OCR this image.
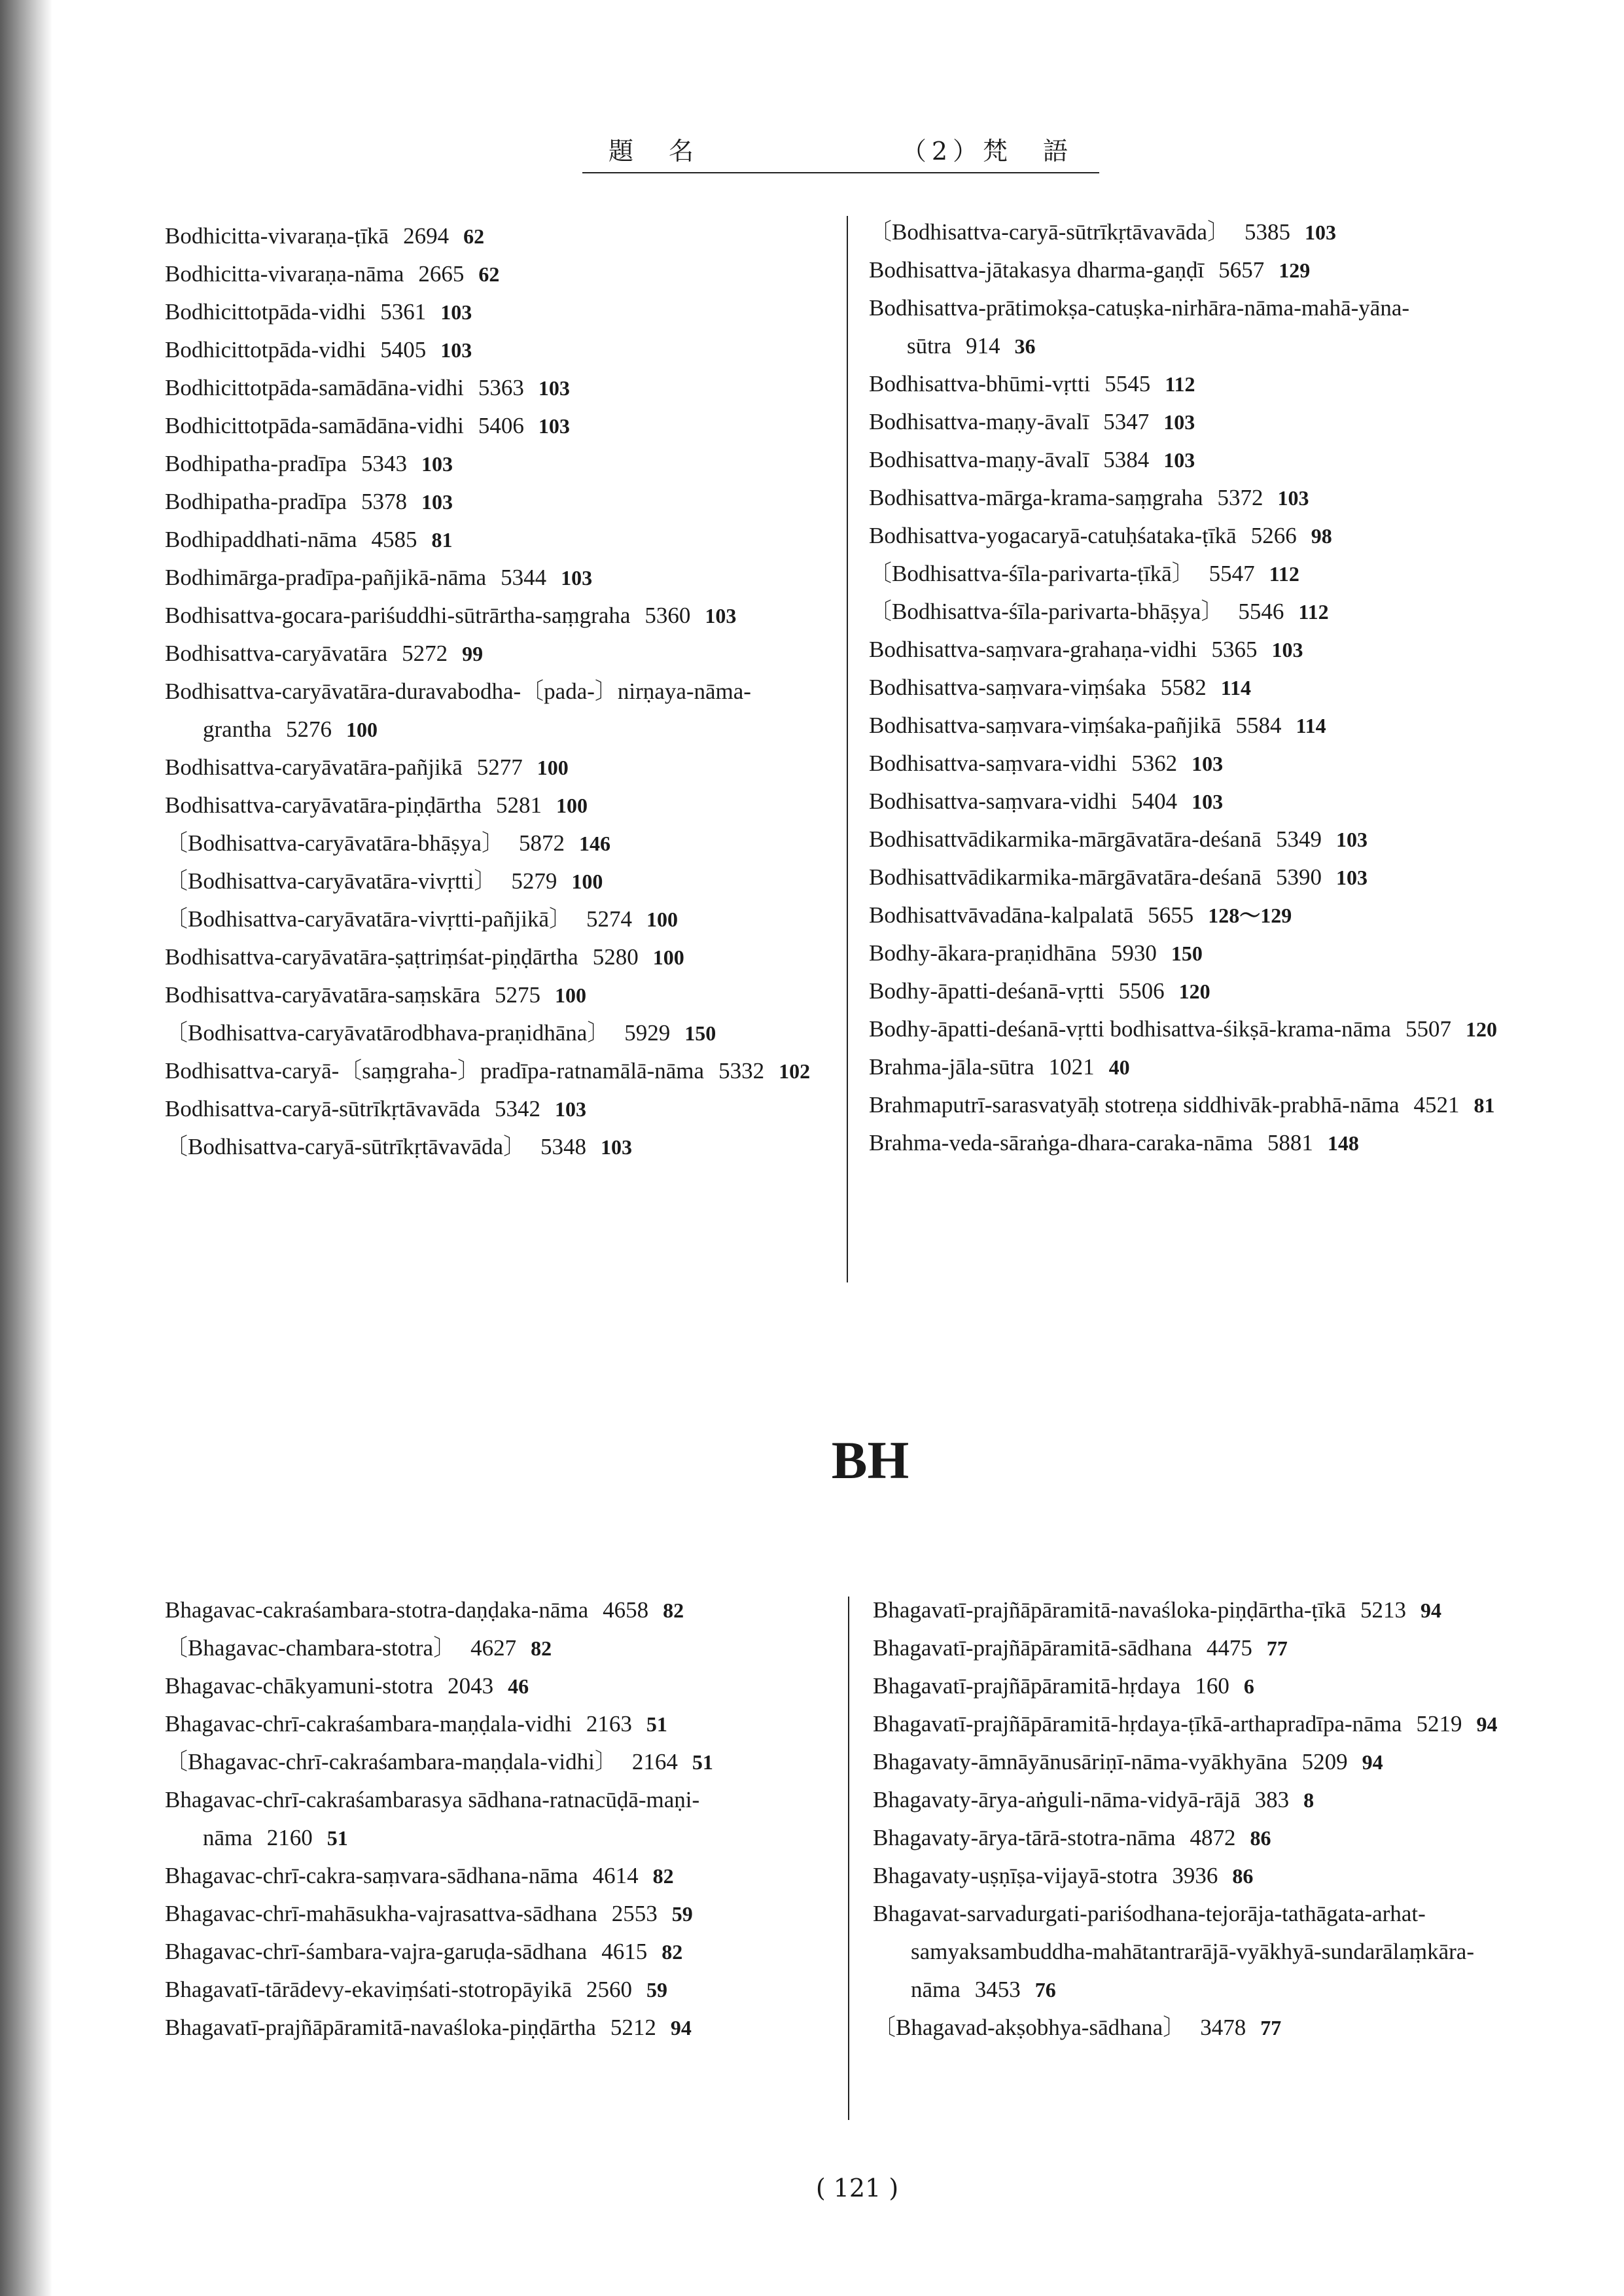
題　名	（2）梵　語
Bodhicitta-vivaraṇa-ṭīkā 2694 62
Bodhicitta-vivaraṇa-nāma 2665 62
Bodhicittotpāda-vidhi 5361 103
Bodhicittotpāda-vidhi 5405 103
Bodhicittotpāda-samādāna-vidhi 5363 103
Bodhicittotpāda-samādāna-vidhi 5406 103
Bodhipatha-pradīpa 5343 103
Bodhipatha-pradīpa 5378 103
Bodhipaddhati-nāma 4585 81
Bodhimārga-pradīpa-pañjikā-nāma 5344 103
Bodhisattva-gocara-pariśuddhi-sūtrārtha-saṃgraha 5360 103
Bodhisattva-caryāvatāra 5272 99
Bodhisattva-caryāvatāra-duravabodha-〔pada-〕nirṇaya-nāma-grantha 5276 100
Bodhisattva-caryāvatāra-pañjikā 5277 100
Bodhisattva-caryāvatāra-piṇḍārtha 5281 100
〔Bodhisattva-caryāvatāra-bhāṣya〕 5872 146
〔Bodhisattva-caryāvatāra-vivṛtti〕 5279 100
〔Bodhisattva-caryāvatāra-vivṛtti-pañjikā〕 5274 100
Bodhisattva-caryāvatāra-ṣaṭtriṃśat-piṇḍārtha 5280 100
Bodhisattva-caryāvatāra-saṃskāra 5275 100
〔Bodhisattva-caryāvatārodbhava-praṇidhāna〕 5929 150
Bodhisattva-caryā-〔saṃgraha-〕pradīpa-ratnamālā-nāma 5332 102
Bodhisattva-caryā-sūtrīkṛtāvavāda 5342 103
〔Bodhisattva-caryā-sūtrīkṛtāvavāda〕 5348 103
〔Bodhisattva-caryā-sūtrīkṛtāvavāda〕 5385 103
Bodhisattva-jātakasya dharma-gaṇḍī 5657 129
Bodhisattva-prātimokṣa-catuṣka-nirhāra-nāma-mahā-yāna-sūtra 914 36
Bodhisattva-bhūmi-vṛtti 5545 112
Bodhisattva-maṇy-āvalī 5347 103
Bodhisattva-maṇy-āvalī 5384 103
Bodhisattva-mārga-krama-saṃgraha 5372 103
Bodhisattva-yogacaryā-catuḥśataka-ṭīkā 5266 98
〔Bodhisattva-śīla-parivarta-ṭīkā〕 5547 112
〔Bodhisattva-śīla-parivarta-bhāṣya〕 5546 112
Bodhisattva-saṃvara-grahaṇa-vidhi 5365 103
Bodhisattva-saṃvara-viṃśaka 5582 114
Bodhisattva-saṃvara-viṃśaka-pañjikā 5584 114
Bodhisattva-saṃvara-vidhi 5362 103
Bodhisattva-saṃvara-vidhi 5404 103
Bodhisattvādikarmika-mārgāvatāra-deśanā 5349 103
Bodhisattvādikarmika-mārgāvatāra-deśanā 5390 103
Bodhisattvāvadāna-kalpalatā 5655 128～129
Bodhy-ākara-praṇidhāna 5930 150
Bodhy-āpatti-deśanā-vṛtti 5506 120
Bodhy-āpatti-deśanā-vṛtti bodhisattva-śikṣā-krama-nāma 5507 120
Brahma-jāla-sūtra 1021 40
Brahmaputrī-sarasvatyāḥ stotreṇa siddhivāk-prabhā-nāma 4521 81
Brahma-veda-sāraṅga-dhara-caraka-nāma 5881 148
BH
Bhagavac-cakraśambara-stotra-daṇḍaka-nāma 4658 82
〔Bhagavac-chambara-stotra〕 4627 82
Bhagavac-chākyamuni-stotra 2043 46
Bhagavac-chrī-cakraśambara-maṇḍala-vidhi 2163 51
〔Bhagavac-chrī-cakraśambara-maṇḍala-vidhi〕 2164 51
Bhagavac-chrī-cakraśambarasya sādhana-ratnacūḍā-maṇi-nāma 2160 51
Bhagavac-chrī-cakra-saṃvara-sādhana-nāma 4614 82
Bhagavac-chrī-mahāsukha-vajrasattva-sādhana 2553 59
Bhagavac-chrī-śambara-vajra-garuḍa-sādhana 4615 82
Bhagavatī-tārādevy-ekaviṃśati-stotropāyikā 2560 59
Bhagavatī-prajñāpāramitā-navaśloka-piṇḍārtha 5212 94
Bhagavatī-prajñāpāramitā-navaśloka-piṇḍārtha-ṭīkā 5213 94
Bhagavatī-prajñāpāramitā-sādhana 4475 77
Bhagavatī-prajñāpāramitā-hṛdaya 160 6
Bhagavatī-prajñāpāramitā-hṛdaya-ṭīkā-arthapradīpa-nāma 5219 94
Bhagavaty-āmnāyānusāriṇī-nāma-vyākhyāna 5209 94
Bhagavaty-ārya-aṅguli-nāma-vidyā-rājā 383 8
Bhagavaty-ārya-tārā-stotra-nāma 4872 86
Bhagavaty-uṣṇīṣa-vijayā-stotra 3936 86
Bhagavat-sarvadurgati-pariśodhana-tejorāja-tathāgata-arhat-samyaksambuddha-mahātantrarājā-vyākhyā-sundarālaṃkāra-nāma 3453 76
〔Bhagavad-akṣobhya-sādhana〕 3478 77
( 121 )
